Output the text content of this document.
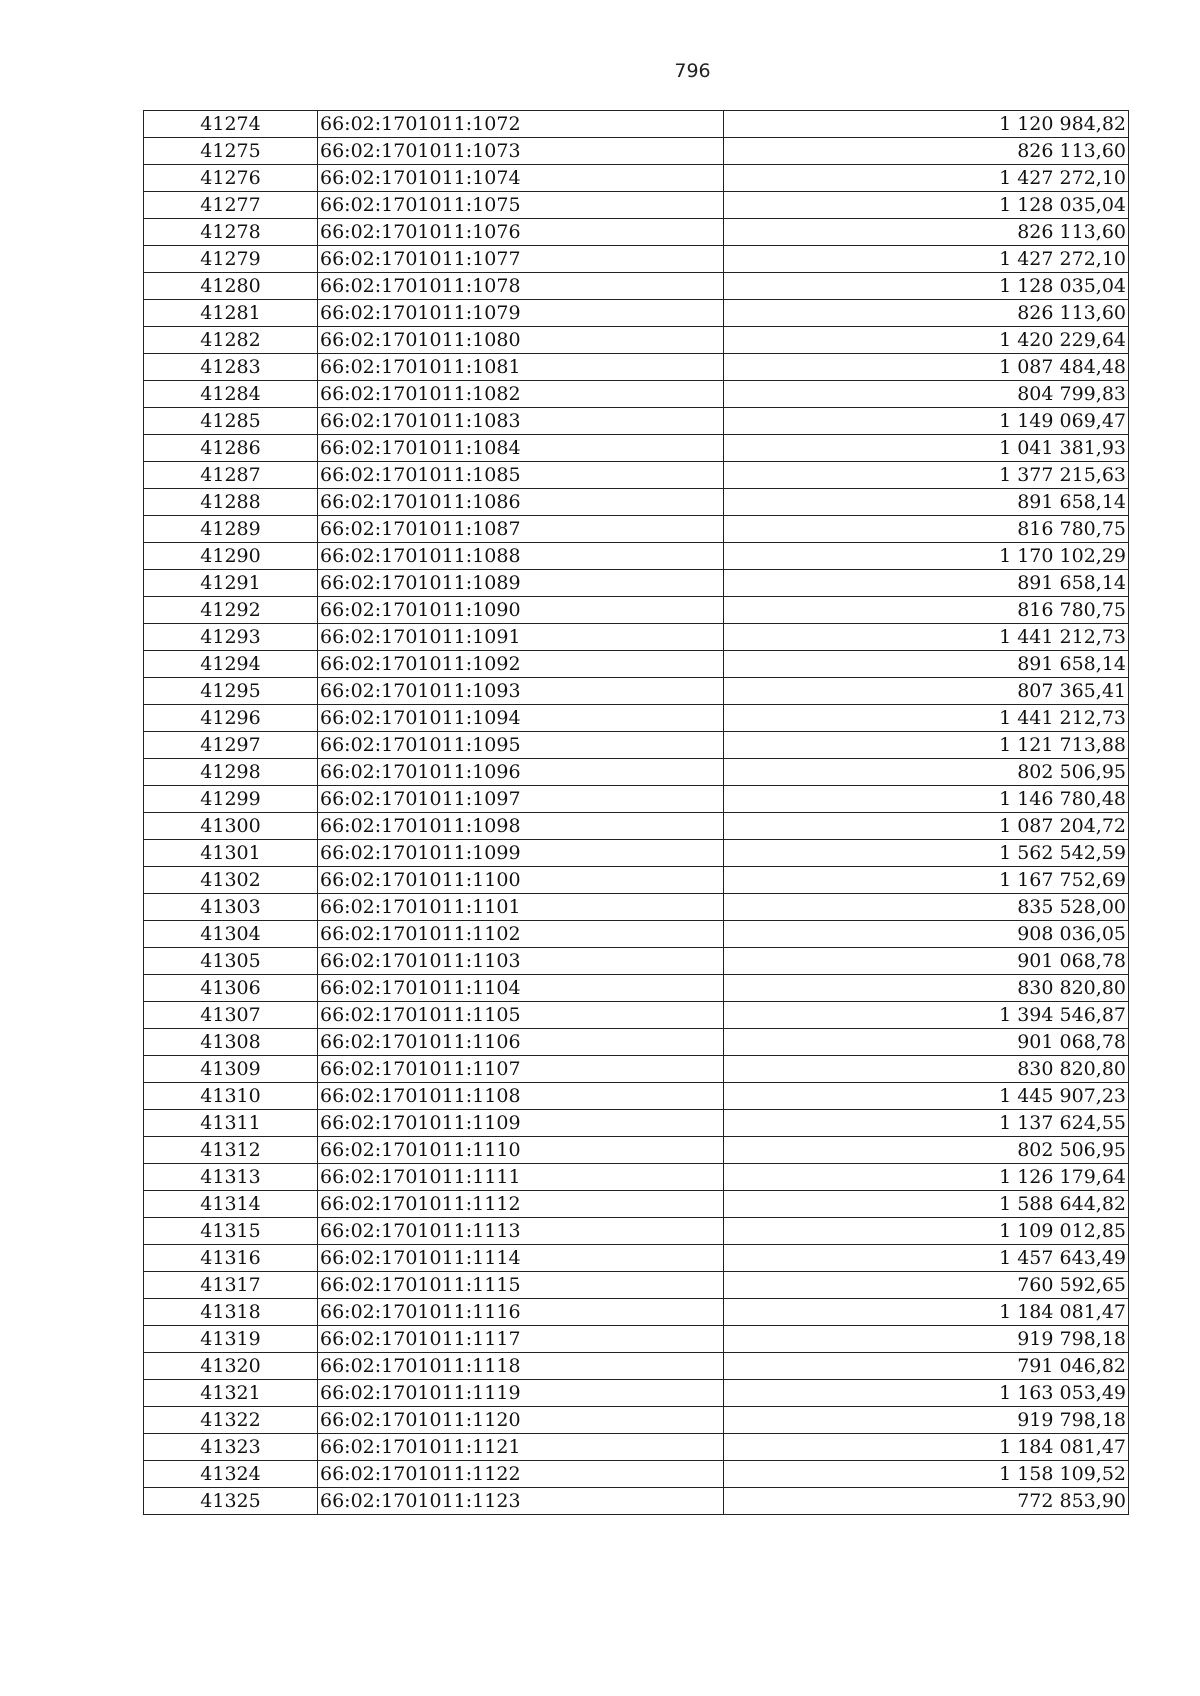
796
41274	66:02:1701011:1072	1 120 984,82
41275	66:02:1701011:1073	826 113,60
41276	66:02:1701011:1074	1 427 272,10
41277	66:02:1701011:1075	1 128 035,04
41278	66:02:1701011:1076	826 113,60
41279	66:02:1701011:1077	1 427 272,10
41280	66:02:1701011:1078	1 128 035,04
41281	66:02:1701011:1079	826 113,60
41282	66:02:1701011:1080	1 420 229,64
41283	66:02:1701011:1081	1 087 484,48
41284	66:02:1701011:1082	804 799,83
41285	66:02:1701011:1083	1 149 069,47
41286	66:02:1701011:1084	1 041 381,93
41287	66:02:1701011:1085	1 377 215,63
41288	66:02:1701011:1086	891 658,14
41289	66:02:1701011:1087	816 780,75
41290	66:02:1701011:1088	1 170 102,29
41291	66:02:1701011:1089	891 658,14
41292	66:02:1701011:1090	816 780,75
41293	66:02:1701011:1091	1 441 212,73
41294	66:02:1701011:1092	891 658,14
41295	66:02:1701011:1093	807 365,41
41296	66:02:1701011:1094	1 441 212,73
41297	66:02:1701011:1095	1 121 713,88
41298	66:02:1701011:1096	802 506,95
41299	66:02:1701011:1097	1 146 780,48
41300	66:02:1701011:1098	1 087 204,72
41301	66:02:1701011:1099	1 562 542,59
41302	66:02:1701011:1100	1 167 752,69
41303	66:02:1701011:1101	835 528,00
41304	66:02:1701011:1102	908 036,05
41305	66:02:1701011:1103	901 068,78
41306	66:02:1701011:1104	830 820,80
41307	66:02:1701011:1105	1 394 546,87
41308	66:02:1701011:1106	901 068,78
41309	66:02:1701011:1107	830 820,80
41310	66:02:1701011:1108	1 445 907,23
41311	66:02:1701011:1109	1 137 624,55
41312	66:02:1701011:1110	802 506,95
41313	66:02:1701011:1111	1 126 179,64
41314	66:02:1701011:1112	1 588 644,82
41315	66:02:1701011:1113	1 109 012,85
41316	66:02:1701011:1114	1 457 643,49
41317	66:02:1701011:1115	760 592,65
41318	66:02:1701011:1116	1 184 081,47
41319	66:02:1701011:1117	919 798,18
41320	66:02:1701011:1118	791 046,82
41321	66:02:1701011:1119	1 163 053,49
41322	66:02:1701011:1120	919 798,18
41323	66:02:1701011:1121	1 184 081,47
41324	66:02:1701011:1122	1 158 109,52
41325	66:02:1701011:1123	772 853,90
